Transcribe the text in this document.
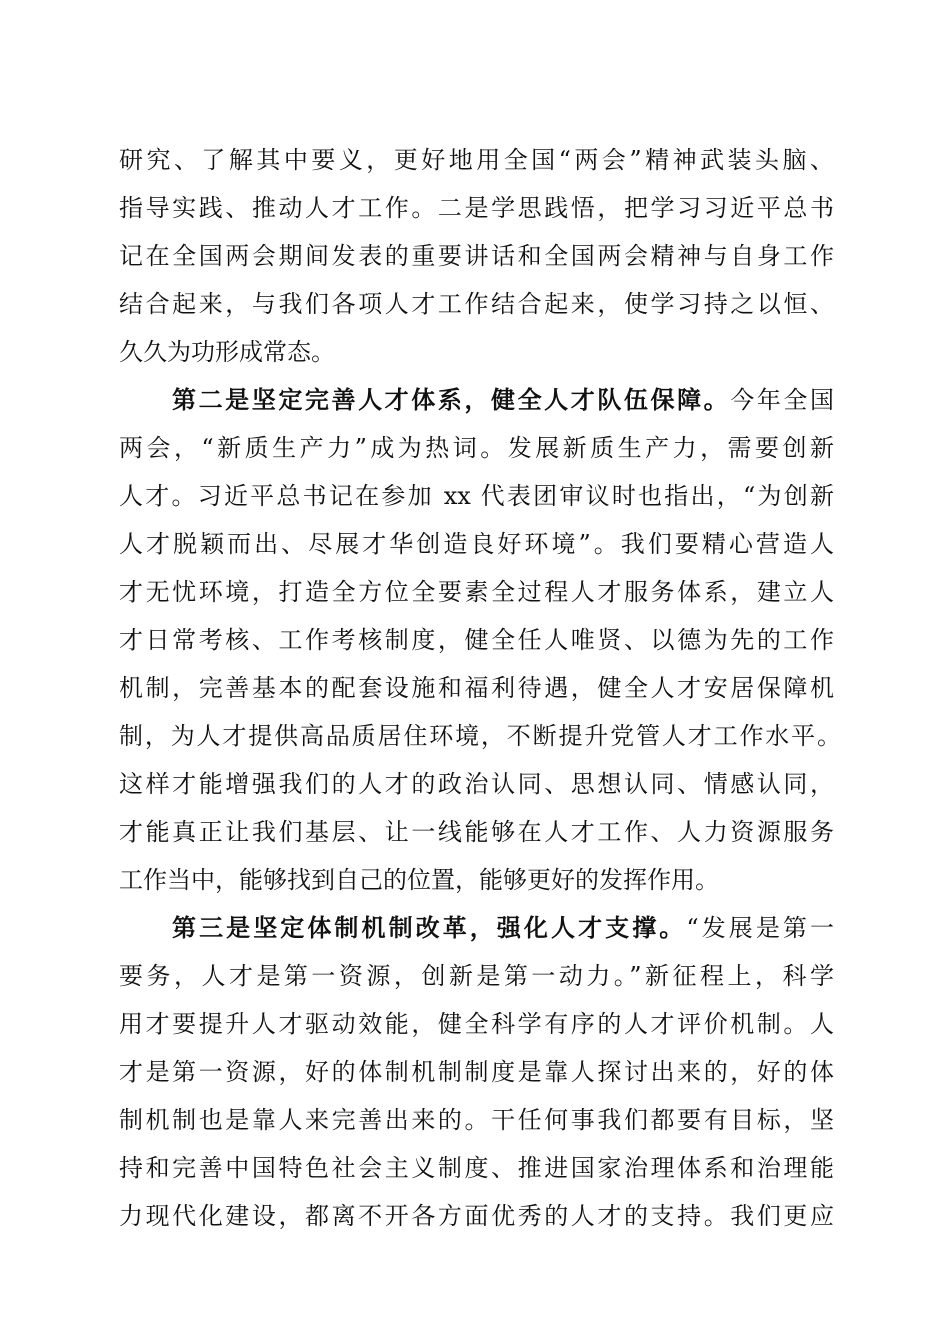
研究、了解其中要义，更好地用全国“两会”精神武装头脑、
指导实践、推动人才工作。二是学思践悟，把学习习近平总书
记在全国两会期间发表的重要讲话和全国两会精神与自身工作
结合起来，与我们各项人才工作结合起来，使学习持之以恒、
久久为功形成常态。
第二是坚定完善人才体系，健全人才队伍保障。今年全国
两会，“新质生产力”成为热词。发展新质生产力，需要创新
人才。习近平总书记在参加 xx 代表团审议时也指出，“为创新
人才脱颖而出、尽展才华创造良好环境”。我们要精心营造人
才无忧环境，打造全方位全要素全过程人才服务体系，建立人
才日常考核、工作考核制度，健全任人唯贤、以德为先的工作
机制，完善基本的配套设施和福利待遇，健全人才安居保障机
制，为人才提供高品质居住环境，不断提升党管人才工作水平。
这样才能增强我们的人才的政治认同、思想认同、情感认同，
才能真正让我们基层、让一线能够在人才工作、人力资源服务
工作当中，能够找到自己的位置，能够更好的发挥作用。
第三是坚定体制机制改革，强化人才支撑。“发展是第一
要务，人才是第一资源，创新是第一动力。”新征程上，科学
用才要提升人才驱动效能，健全科学有序的人才评价机制。人
才是第一资源，好的体制机制制度是靠人探讨出来的，好的体
制机制也是靠人来完善出来的。干任何事我们都要有目标，坚
持和完善中国特色社会主义制度、推进国家治理体系和治理能
力现代化建设，都离不开各方面优秀的人才的支持。我们更应
